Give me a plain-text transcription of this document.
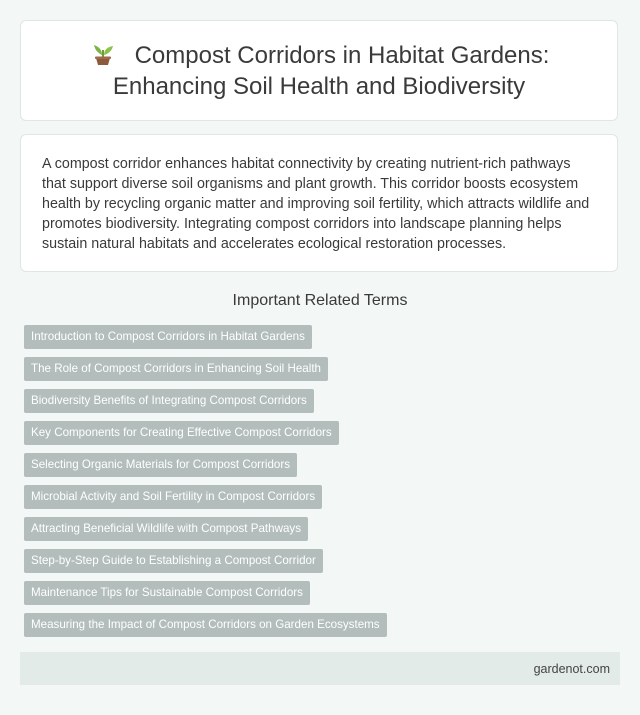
Compost Corridors in Habitat Gardens: Enhancing Soil Health and Biodiversity

A compost corridor enhances habitat connectivity by creating nutrient-rich pathways that support diverse soil organisms and plant growth. This corridor boosts ecosystem health by recycling organic matter and improving soil fertility, which attracts wildlife and promotes biodiversity. Integrating compost corridors into landscape planning helps sustain natural habitats and accelerates ecological restoration processes.

Important Related Terms
Introduction to Compost Corridors in Habitat Gardens
The Role of Compost Corridors in Enhancing Soil Health
Biodiversity Benefits of Integrating Compost Corridors
Key Components for Creating Effective Compost Corridors
Selecting Organic Materials for Compost Corridors
Microbial Activity and Soil Fertility in Compost Corridors
Attracting Beneficial Wildlife with Compost Pathways
Step-by-Step Guide to Establishing a Compost Corridor
Maintenance Tips for Sustainable Compost Corridors
Measuring the Impact of Compost Corridors on Garden Ecosystems
gardenot.com
